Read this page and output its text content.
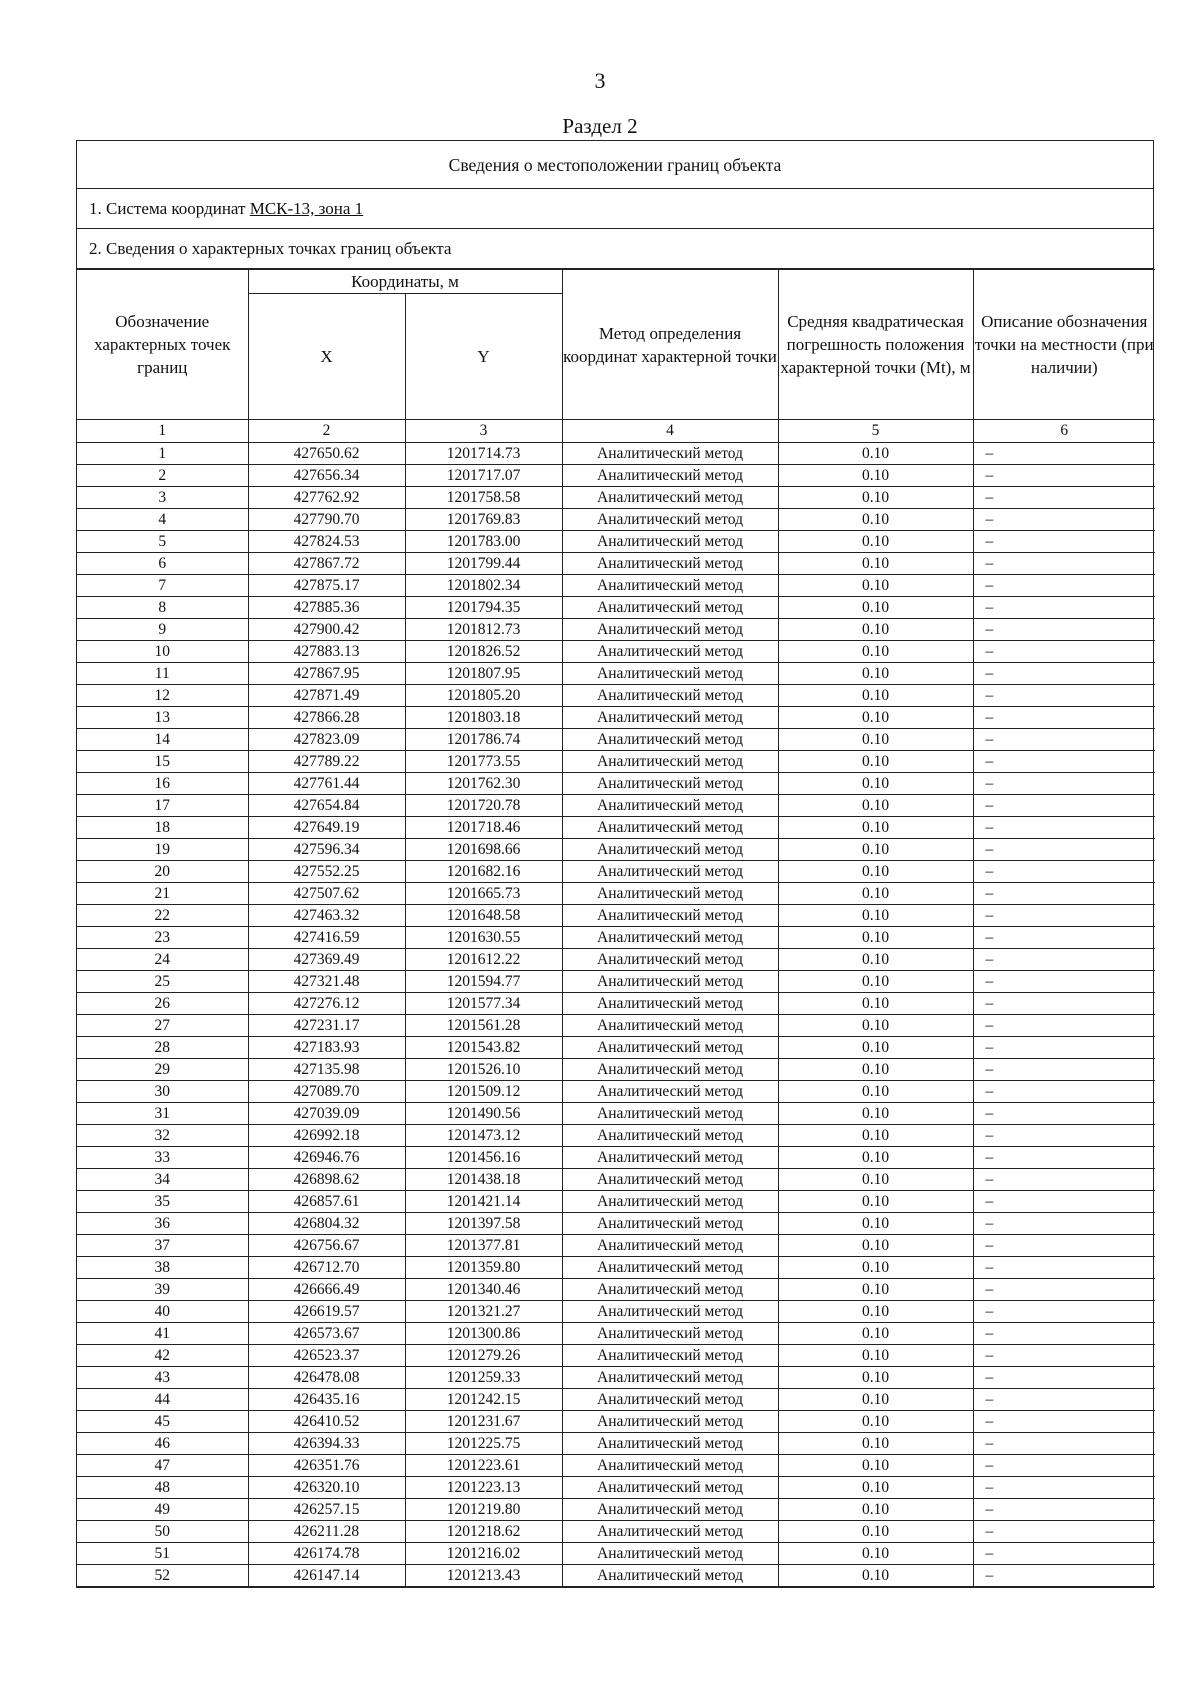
3
Раздел 2
Сведения о местоположении границ объекта
1. Система координат МСК-13, зона 1
2. Сведения о характерных точках границ объекта
Обозначение характерных точек границ	Координаты, м		Метод определения координат характерной точки	Средняя квадратическая погрешность положения характерной точки (Mt), м	Описание обозначения точки на местности (при наличии)
	X	Y			
1	2	3	4	5	6
1	427650.62	1201714.73	Аналитический метод	0.10	–
2	427656.34	1201717.07	Аналитический метод	0.10	–
3	427762.92	1201758.58	Аналитический метод	0.10	–
4	427790.70	1201769.83	Аналитический метод	0.10	–
5	427824.53	1201783.00	Аналитический метод	0.10	–
6	427867.72	1201799.44	Аналитический метод	0.10	–
7	427875.17	1201802.34	Аналитический метод	0.10	–
8	427885.36	1201794.35	Аналитический метод	0.10	–
9	427900.42	1201812.73	Аналитический метод	0.10	–
10	427883.13	1201826.52	Аналитический метод	0.10	–
11	427867.95	1201807.95	Аналитический метод	0.10	–
12	427871.49	1201805.20	Аналитический метод	0.10	–
13	427866.28	1201803.18	Аналитический метод	0.10	–
14	427823.09	1201786.74	Аналитический метод	0.10	–
15	427789.22	1201773.55	Аналитический метод	0.10	–
16	427761.44	1201762.30	Аналитический метод	0.10	–
17	427654.84	1201720.78	Аналитический метод	0.10	–
18	427649.19	1201718.46	Аналитический метод	0.10	–
19	427596.34	1201698.66	Аналитический метод	0.10	–
20	427552.25	1201682.16	Аналитический метод	0.10	–
21	427507.62	1201665.73	Аналитический метод	0.10	–
22	427463.32	1201648.58	Аналитический метод	0.10	–
23	427416.59	1201630.55	Аналитический метод	0.10	–
24	427369.49	1201612.22	Аналитический метод	0.10	–
25	427321.48	1201594.77	Аналитический метод	0.10	–
26	427276.12	1201577.34	Аналитический метод	0.10	–
27	427231.17	1201561.28	Аналитический метод	0.10	–
28	427183.93	1201543.82	Аналитический метод	0.10	–
29	427135.98	1201526.10	Аналитический метод	0.10	–
30	427089.70	1201509.12	Аналитический метод	0.10	–
31	427039.09	1201490.56	Аналитический метод	0.10	–
32	426992.18	1201473.12	Аналитический метод	0.10	–
33	426946.76	1201456.16	Аналитический метод	0.10	–
34	426898.62	1201438.18	Аналитический метод	0.10	–
35	426857.61	1201421.14	Аналитический метод	0.10	–
36	426804.32	1201397.58	Аналитический метод	0.10	–
37	426756.67	1201377.81	Аналитический метод	0.10	–
38	426712.70	1201359.80	Аналитический метод	0.10	–
39	426666.49	1201340.46	Аналитический метод	0.10	–
40	426619.57	1201321.27	Аналитический метод	0.10	–
41	426573.67	1201300.86	Аналитический метод	0.10	–
42	426523.37	1201279.26	Аналитический метод	0.10	–
43	426478.08	1201259.33	Аналитический метод	0.10	–
44	426435.16	1201242.15	Аналитический метод	0.10	–
45	426410.52	1201231.67	Аналитический метод	0.10	–
46	426394.33	1201225.75	Аналитический метод	0.10	–
47	426351.76	1201223.61	Аналитический метод	0.10	–
48	426320.10	1201223.13	Аналитический метод	0.10	–
49	426257.15	1201219.80	Аналитический метод	0.10	–
50	426211.28	1201218.62	Аналитический метод	0.10	–
51	426174.78	1201216.02	Аналитический метод	0.10	–
52	426147.14	1201213.43	Аналитический метод	0.10	–
